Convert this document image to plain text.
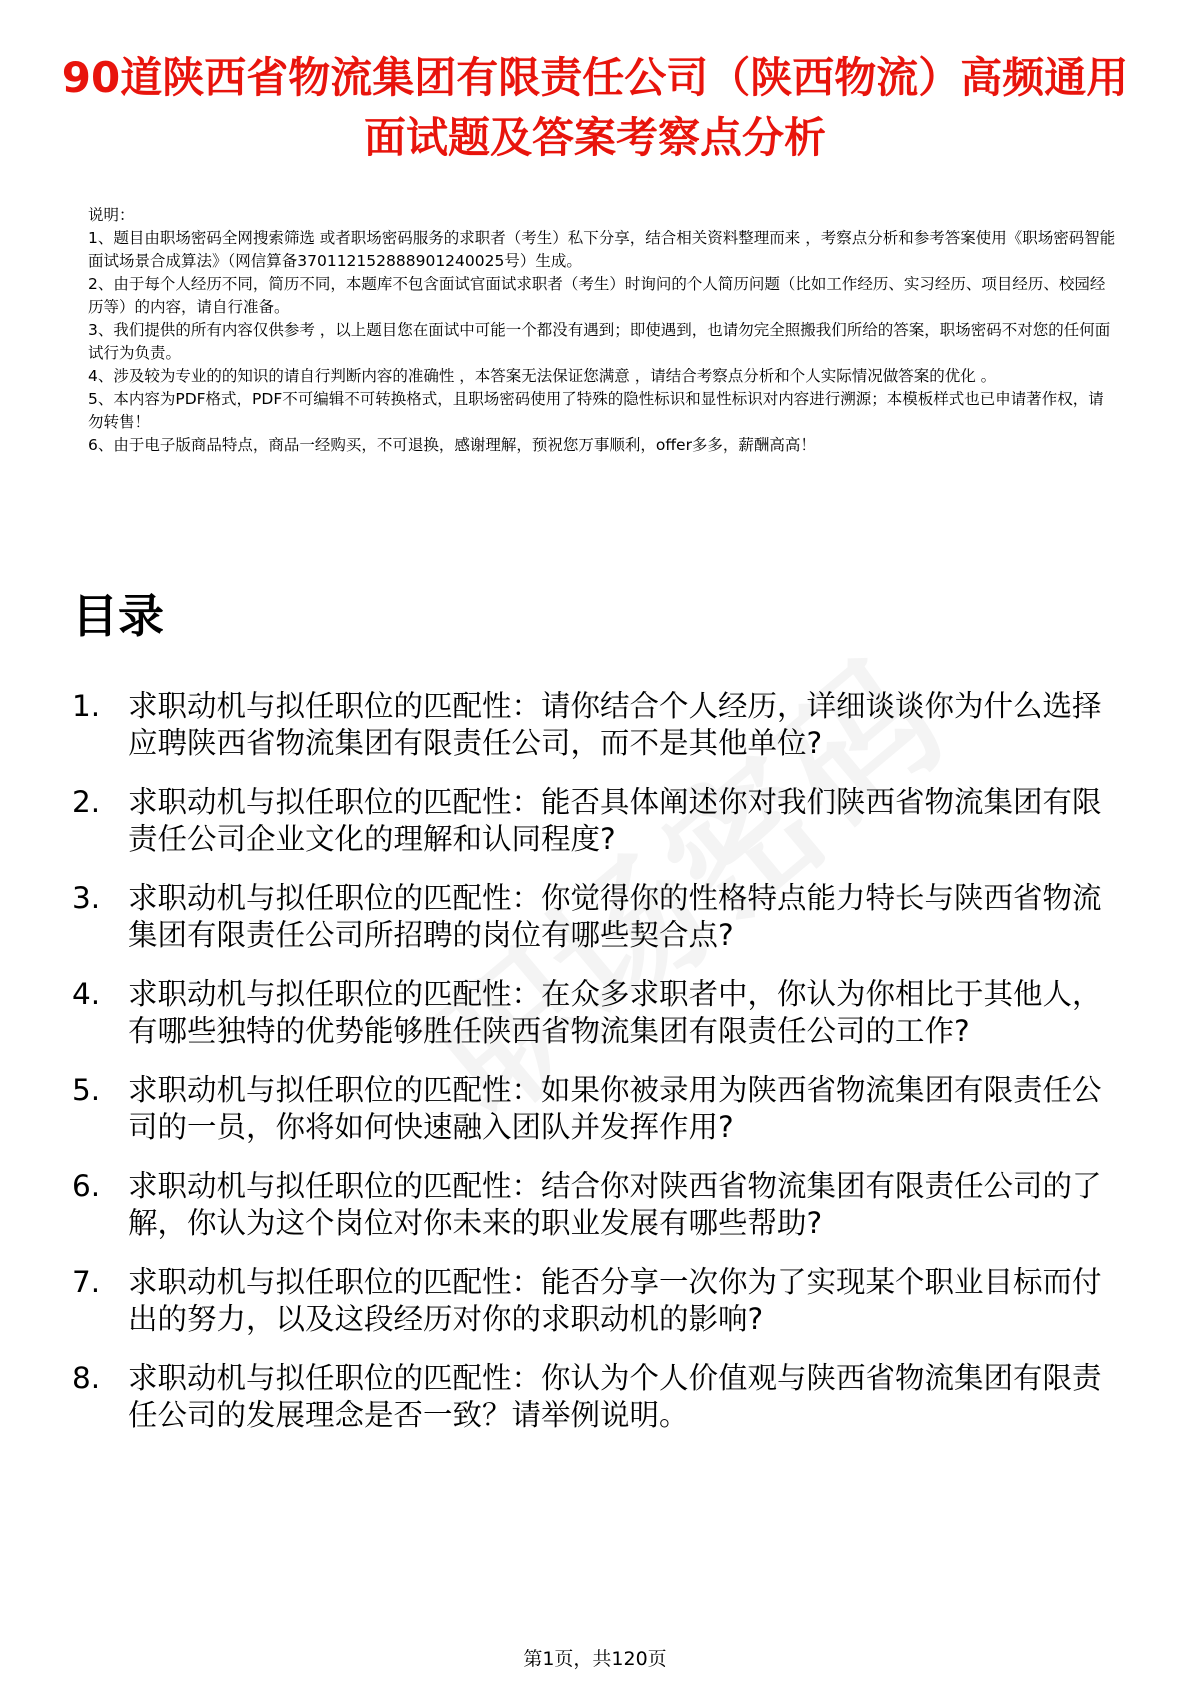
90道陕西省物流集团有限责任公司（陕西物流）高频通用面试题及答案考察点分析

说明：

1、题目由职场密码全网搜索筛选 或者职场密码服务的求职者（考生）私下分享，结合相关资料整理而来 ，考察点分析和参考答案使用《职场密码智能面试场景合成算法》（网信算备370112152888901240025号）生成。

2、由于每个人经历不同，简历不同，本题库不包含面试官面试求职者（考生）时询问的个人简历问题（比如工作经历、实习经历、项目经历、校园经历等）的内容，请自行准备。

3、我们提供的所有内容仅供参考 ，以上题目您在面试中可能一个都没有遇到；即使遇到，也请勿完全照搬我们所给的答案，职场密码不对您的任何面试行为负责。

4、涉及较为专业的的知识的请自行判断内容的准确性 ，本答案无法保证您满意 ，请结合考察点分析和个人实际情况做答案的优化 。

5、本内容为PDF格式，PDF不可编辑不可转换格式，且职场密码使用了特殊的隐性标识和显性标识对内容进行溯源；本模板样式也已申请著作权，请勿转售！

6、由于电子版商品特点，商品一经购买，不可退换，感谢理解，预祝您万事顺利，offer多多，薪酬高高！

目录
1. 求职动机与拟任职位的匹配性：请你结合个人经历，详细谈谈你为什么选择应聘陕西省物流集团有限责任公司，而不是其他单位?
2. 求职动机与拟任职位的匹配性：能否具体阐述你对我们陕西省物流集团有限责任公司企业文化的理解和认同程度?
3. 求职动机与拟任职位的匹配性：你觉得你的性格特点能力特长与陕西省物流集团有限责任公司所招聘的岗位有哪些契合点?
4. 求职动机与拟任职位的匹配性：在众多求职者中，你认为你相比于其他人，有哪些独特的优势能够胜任陕西省物流集团有限责任公司的工作?
5. 求职动机与拟任职位的匹配性：如果你被录用为陕西省物流集团有限责任公司的一员，你将如何快速融入团队并发挥作用?
6. 求职动机与拟任职位的匹配性：结合你对陕西省物流集团有限责任公司的了解，你认为这个岗位对你未来的职业发展有哪些帮助?
7. 求职动机与拟任职位的匹配性：能否分享一次你为了实现某个职业目标而付出的努力，以及这段经历对你的求职动机的影响?
8. 求职动机与拟任职位的匹配性：你认为个人价值观与陕西省物流集团有限责任公司的发展理念是否一致？请举例说明。
第1页，共120页
